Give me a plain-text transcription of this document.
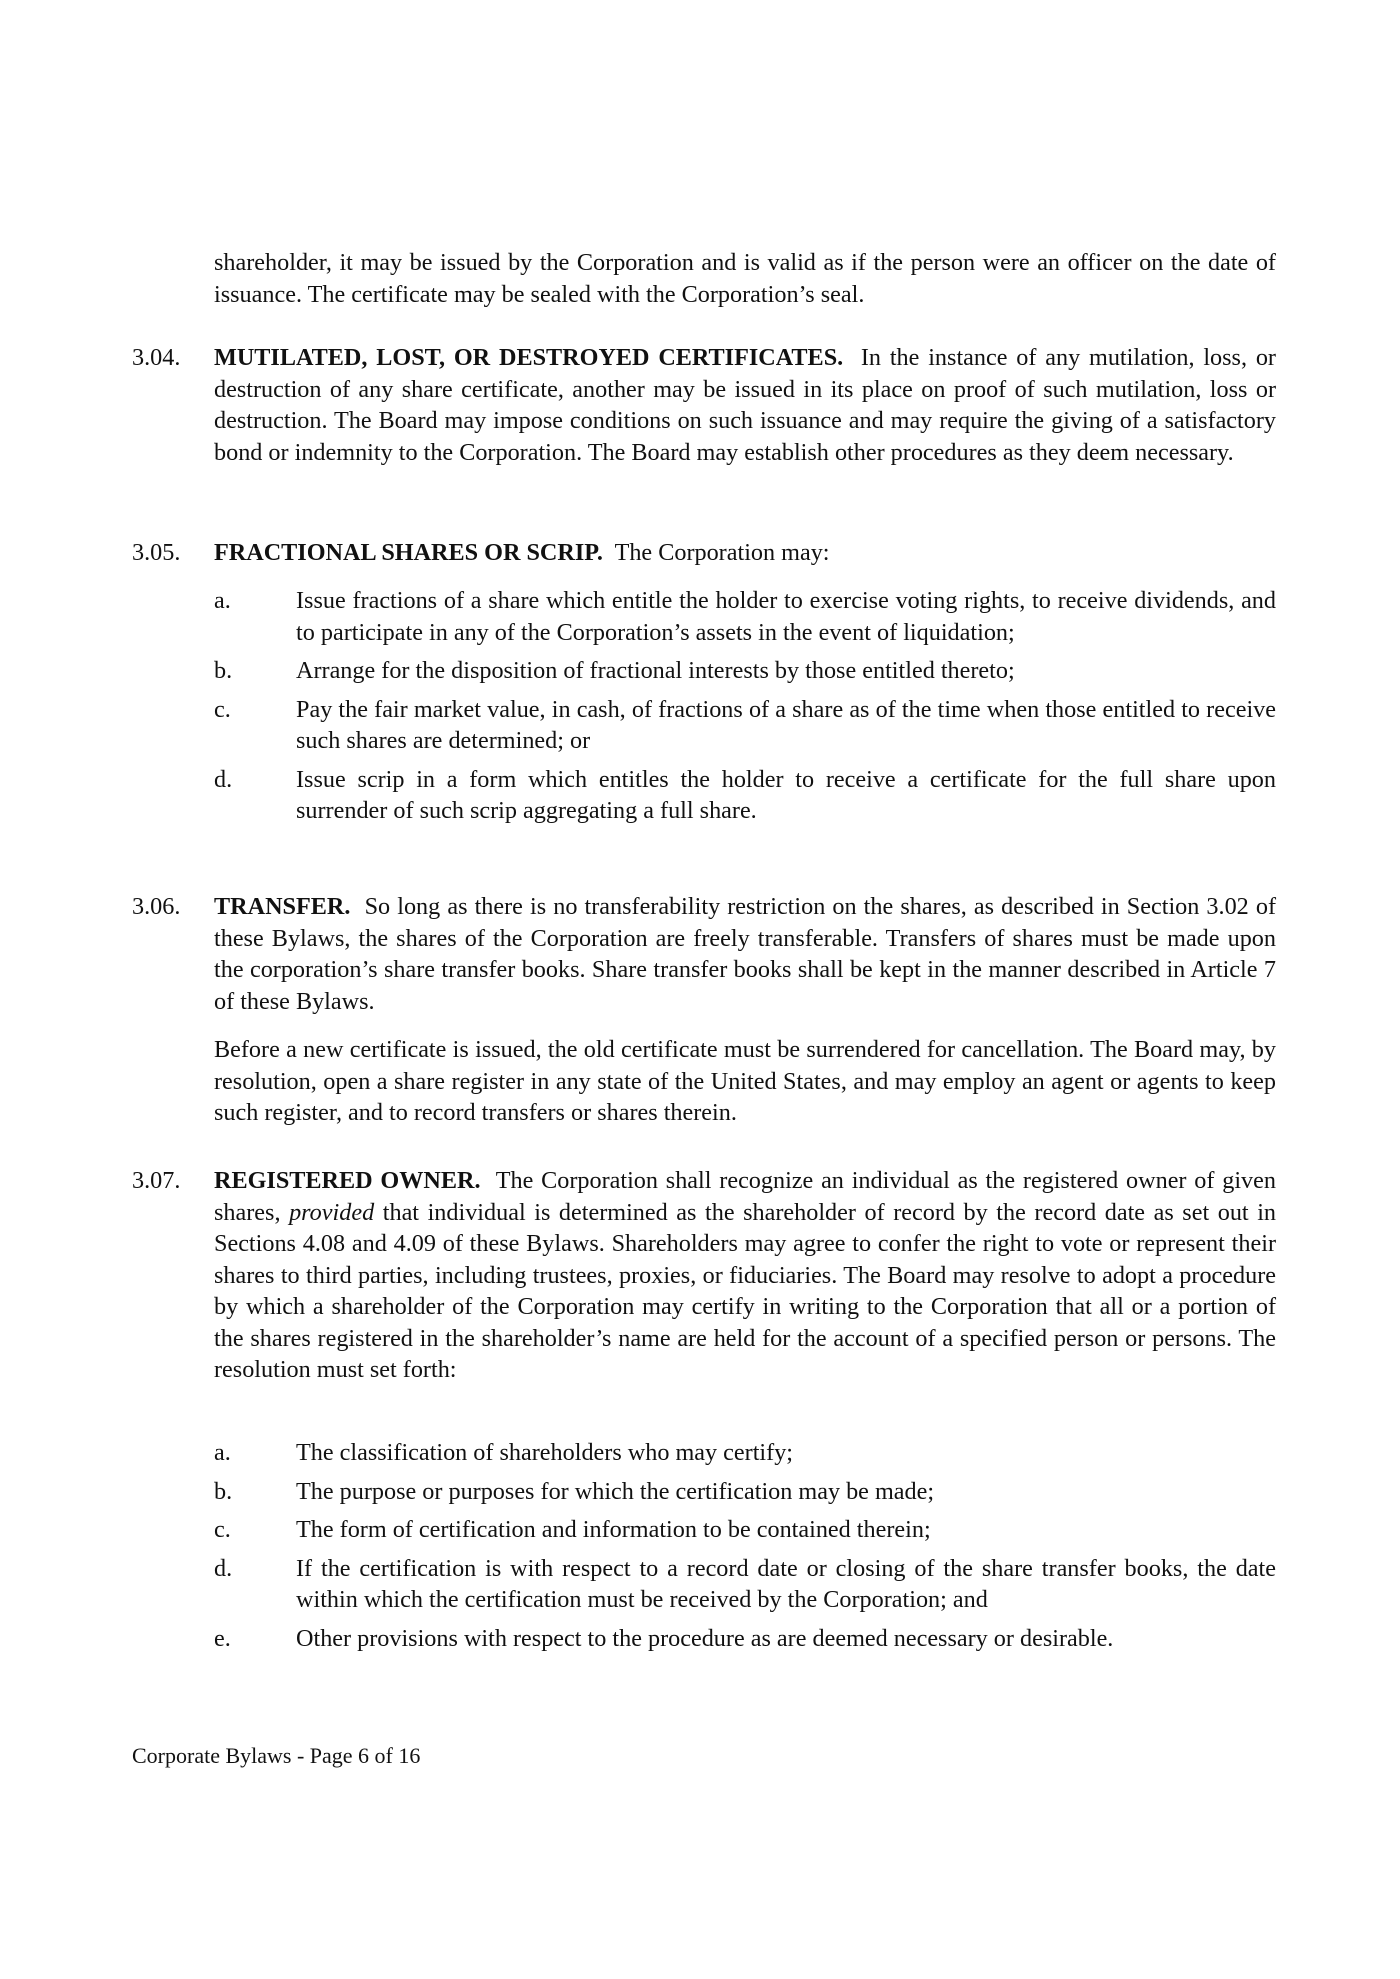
shareholder, it may be issued by the Corporation and is valid as if the person were an officer on the date of issuance. The certificate may be sealed with the Corporation’s seal.

3.04. MUTILATED, LOST, OR DESTROYED CERTIFICATES. In the instance of any mutilation, loss, or destruction of any share certificate, another may be issued in its place on proof of such mutilation, loss or destruction. The Board may impose conditions on such issuance and may require the giving of a satisfactory bond or indemnity to the Corporation. The Board may establish other procedures as they deem necessary.
3.05. FRACTIONAL SHARES OR SCRIP. The Corporation may:
a.	Issue fractions of a share which entitle the holder to exercise voting rights, to receive dividends, and to participate in any of the Corporation’s assets in the event of liquidation;
b.	Arrange for the disposition of fractional interests by those entitled thereto;
c.	Pay the fair market value, in cash, of fractions of a share as of the time when those entitled to receive such shares are determined; or
d.	Issue scrip in a form which entitles the holder to receive a certificate for the full share upon surrender of such scrip aggregating a full share.
3.06. TRANSFER. So long as there is no transferability restriction on the shares, as described in Section 3.02 of these Bylaws, the shares of the Corporation are freely transferable. Transfers of shares must be made upon the corporation’s share transfer books. Share transfer books shall be kept in the manner described in Article 7 of these Bylaws.

Before a new certificate is issued, the old certificate must be surrendered for cancellation. The Board may, by resolution, open a share register in any state of the United States, and may employ an agent or agents to keep such register, and to record transfers or shares therein.

3.07. REGISTERED OWNER. The Corporation shall recognize an individual as the registered owner of given shares, provided that individual is determined as the shareholder of record by the record date as set out in Sections 4.08 and 4.09 of these Bylaws. Shareholders may agree to confer the right to vote or represent their shares to third parties, including trustees, proxies, or fiduciaries. The Board may resolve to adopt a procedure by which a shareholder of the Corporation may certify in writing to the Corporation that all or a portion of the shares registered in the shareholder’s name are held for the account of a specified person or persons. The resolution must set forth:
a.	The classification of shareholders who may certify;
b.	The purpose or purposes for which the certification may be made;
c.	The form of certification and information to be contained therein;
d.	If the certification is with respect to a record date or closing of the share transfer books, the date within which the certification must be received by the Corporation; and
e.	Other provisions with respect to the procedure as are deemed necessary or desirable.
Corporate Bylaws - Page 6 of 16
